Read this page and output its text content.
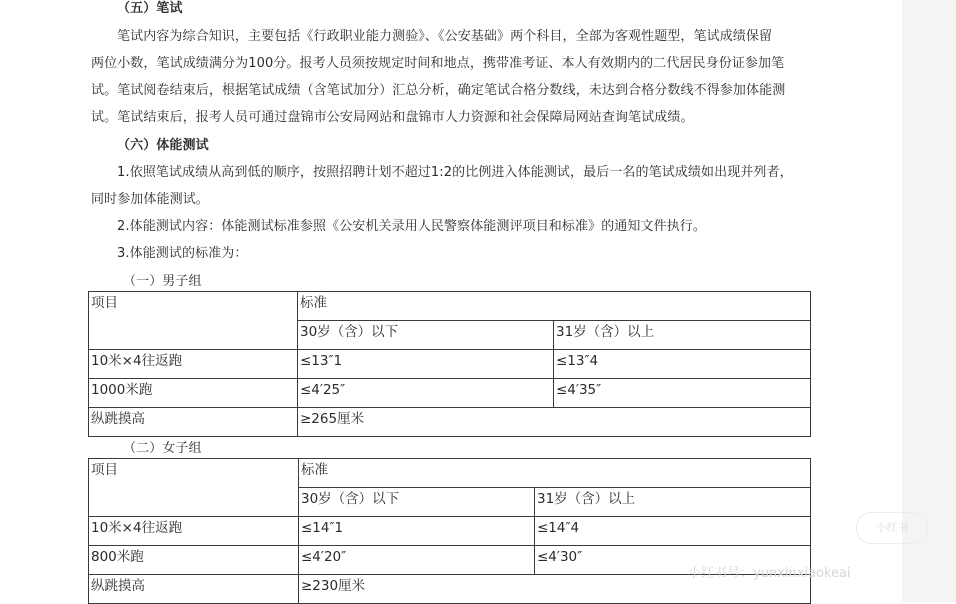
（五）笔试
笔试内容为综合知识，主要包括《行政职业能力测验》、《公安基础》两个科目，全部为客观性题型，笔试成绩保留
两位小数，笔试成绩满分为100分。报考人员须按规定时间和地点，携带准考证、本人有效期内的二代居民身份证参加笔
试。笔试阅卷结束后，根据笔试成绩（含笔试加分）汇总分析，确定笔试合格分数线，未达到合格分数线不得参加体能测
试。笔试结束后，报考人员可通过盘锦市公安局网站和盘锦市人力资源和社会保障局网站查询笔试成绩。
（六）体能测试
1.依照笔试成绩从高到低的顺序，按照招聘计划不超过1:2的比例进入体能测试，最后一名的笔试成绩如出现并列者，
同时参加体能测试。
2.体能测试内容：体能测试标准参照《公安机关录用人民警察体能测评项目和标准》的通知文件执行。
3.体能测试的标准为：
（一）男子组
项目	标准	
	30岁（含）以下	31岁（含）以上
10米×4往返跑	≤13″1	≤13″4
1000米跑	≤4′25″	≤4′35″
纵跳摸高	≥265厘米	
（二）女子组
项目	标准	
	30岁（含）以下	31岁（含）以上
10米×4往返跑	≤14″1	≤14″4
800米跑	≤4′20″	≤4′30″
纵跳摸高	≥230厘米	
小红书号：yunxinxiaokeai
小红书
